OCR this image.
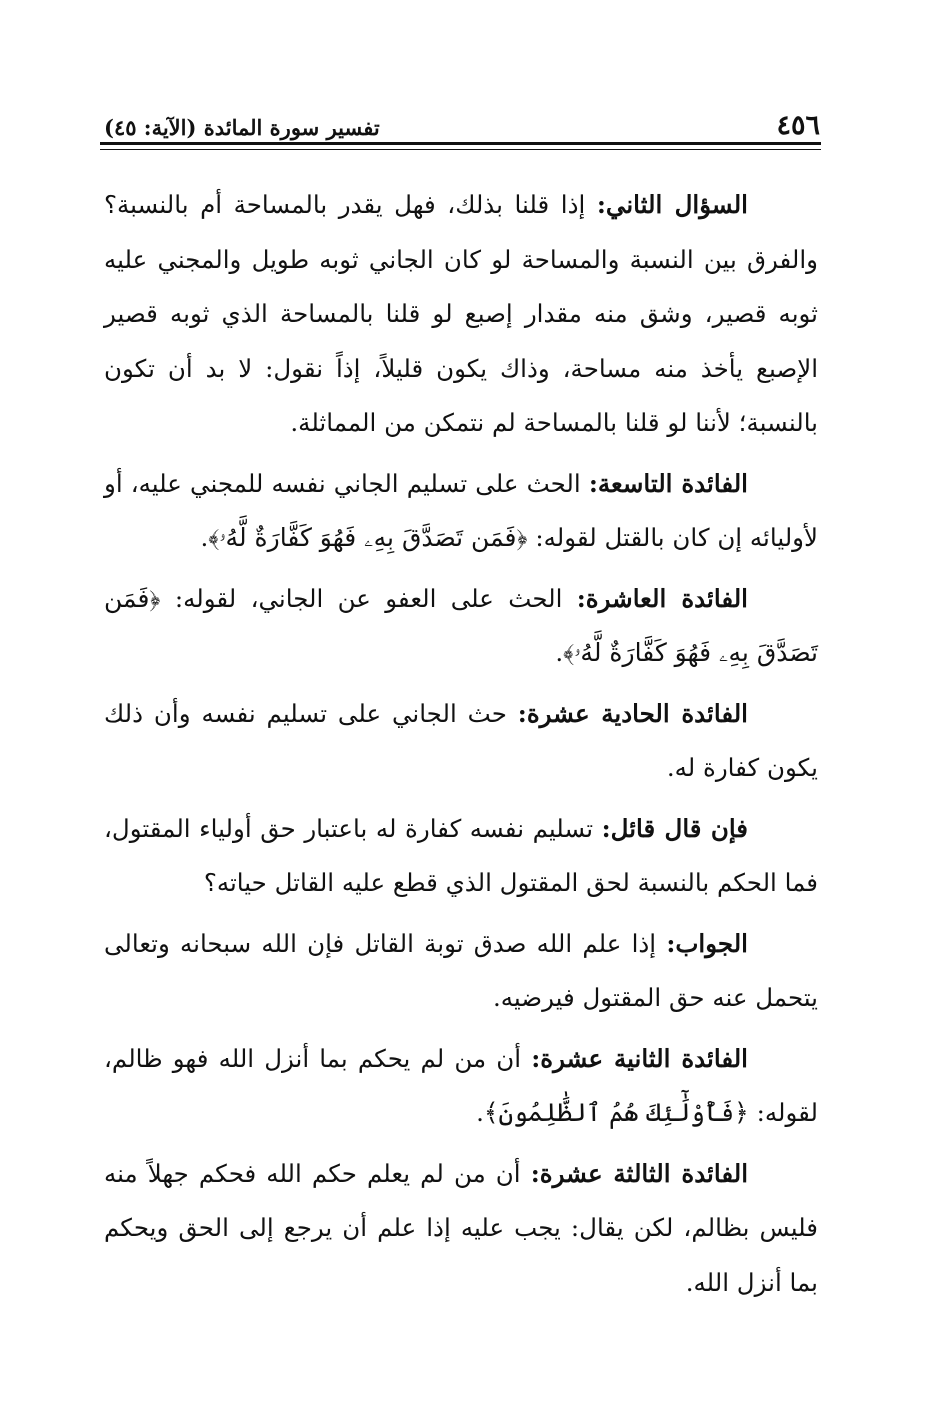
٤٥٦
تفسير سورة المائدة (الآية: ٤٥)

السؤال الثاني: إذا قلنا بذلك، فهل يقدر بالمساحة أم بالنسبة؟ والفرق بين النسبة والمساحة لو كان الجاني ثوبه طويل والمجني عليه ثوبه قصير، وشق منه مقدار إصبع لو قلنا بالمساحة الذي ثوبه قصير الإصبع يأخذ منه مساحة، وذاك يكون قليلاً، إذاً نقول: لا بد أن تكون بالنسبة؛ لأننا لو قلنا بالمساحة لم نتمكن من المماثلة.

الفائدة التاسعة: الحث على تسليم الجاني نفسه للمجني عليه، أو لأوليائه إن كان بالقتل لقوله: ﴿فَمَن تَصَدَّقَ بِهِۦ فَهُوَ كَفَّارَةٌ لَّهُۥ﴾.

الفائدة العاشرة: الحث على العفو عن الجاني، لقوله: ﴿فَمَن تَصَدَّقَ بِهِۦ فَهُوَ كَفَّارَةٌ لَّهُۥ﴾.

الفائدة الحادية عشرة: حث الجاني على تسليم نفسه وأن ذلك يكون كفارة له.

فإن قال قائل: تسليم نفسه كفارة له باعتبار حق أولياء المقتول، فما الحكم بالنسبة لحق المقتول الذي قطع عليه القاتل حياته؟

الجواب: إذا علم الله صدق توبة القاتل فإن الله سبحانه وتعالى يتحمل عنه حق المقتول فيرضيه.

الفائدة الثانية عشرة: أن من لم يحكم بما أنزل الله فهو ظالم، لقوله: ﴿فَأُوْلَٰٓئِكَ هُمُ ٱلظَّٰلِمُونَ﴾.

الفائدة الثالثة عشرة: أن من لم يعلم حكم الله فحكم جهلاً منه فليس بظالم، لكن يقال: يجب عليه إذا علم أن يرجع إلى الحق ويحكم بما أنزل الله.
